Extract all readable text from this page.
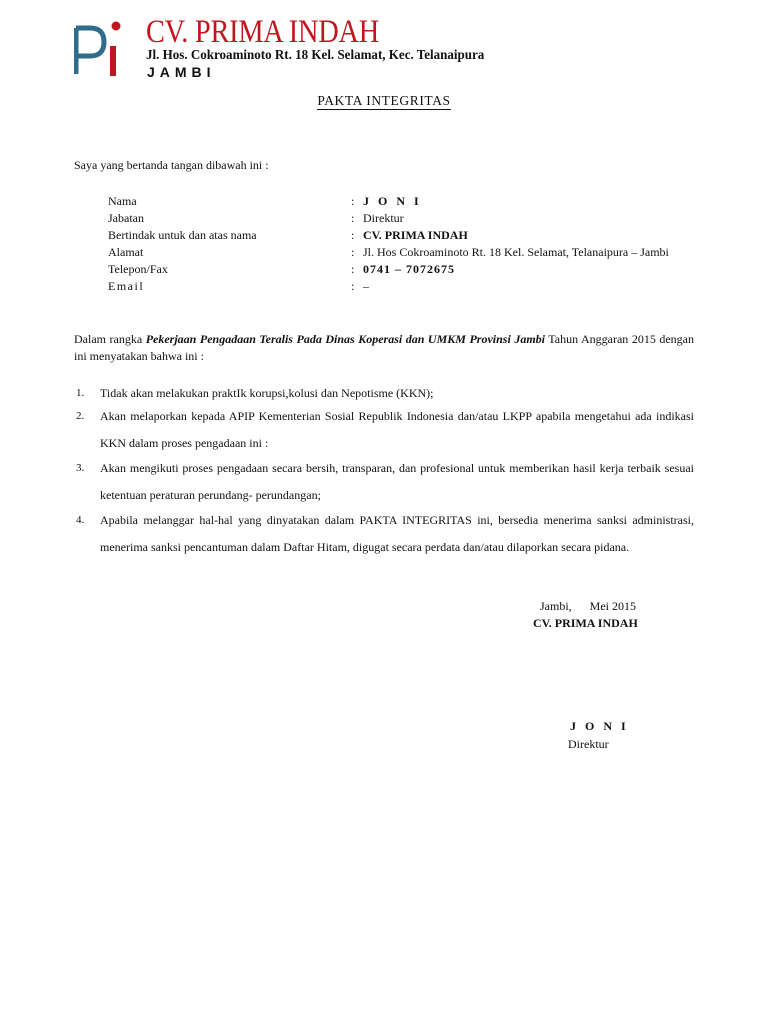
CV. PRIMA INDAH
Jl. Hos. Cokroaminoto Rt. 18 Kel. Selamat, Kec. Telanaipura
JAMBI
PAKTA INTEGRITAS
Saya yang bertanda tangan dibawah ini :
Nama	: J O N I
Jabatan	: Direktur
Bertindak untuk dan atas nama	: CV. PRIMA INDAH
Alamat	: Jl. Hos Cokroaminoto Rt. 18 Kel. Selamat, Telanaipura – Jambi
Telepon/Fax	: 0741 – 7072675
Email	: –
Dalam rangka Pekerjaan Pengadaan Teralis Pada Dinas Koperasi dan UMKM Provinsi Jambi Tahun Anggaran 2015 dengan ini menyatakan bahwa ini :
1. Tidak akan melakukan praktIk korupsi,kolusi dan Nepotisme (KKN);
2. Akan melaporkan kepada APIP Kementerian Sosial Republik Indonesia dan/atau LKPP apabila mengetahui ada indikasi KKN dalam proses pengadaan ini :
3. Akan mengikuti proses pengadaan secara bersih, transparan, dan profesional untuk memberikan hasil kerja terbaik sesuai ketentuan peraturan perundang- perundangan;
4. Apabila melanggar hal-hal yang dinyatakan dalam PAKTA INTEGRITAS ini, bersedia menerima sanksi administrasi, menerima sanksi pencantuman dalam Daftar Hitam, digugat secara perdata dan/atau dilaporkan secara pidana.
Jambi,      Mei 2015
CV. PRIMA INDAH
J O N I
Direktur
